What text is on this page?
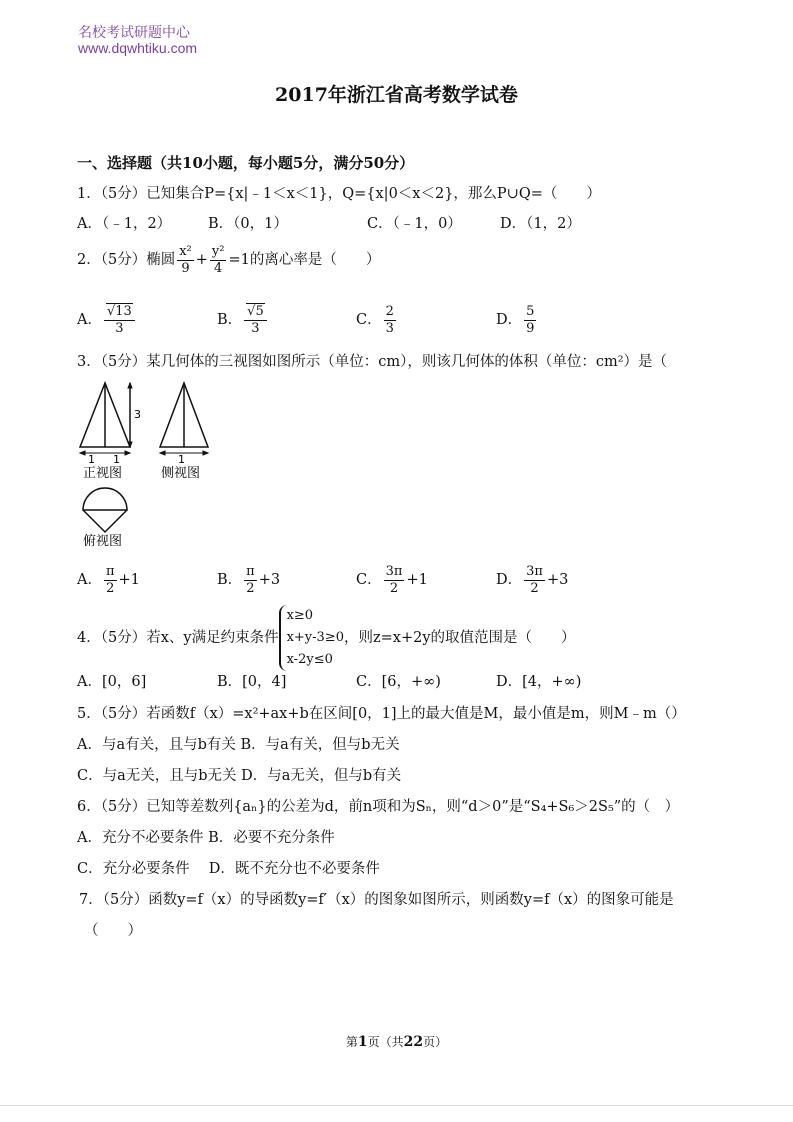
名校考试研题中心
www.dqwhtiku.com
2017年浙江省高考数学试卷
一、选择题（共10小题，每小题5分，满分50分）
1．（5分）已知集合P={x|﹣1＜x＜1}，Q={x|0＜x＜2}，那么P∪Q=（　　）
A．（﹣1，2）	B．（0，1）	C．（﹣1，0）	D．（1，2）
2．（5分）椭圆 $\frac{\text{x²}}{9} + \frac{\text{y²}}{4} =1$的离心率是（　　）
A． $\frac{√13}{3}$	B． $\frac{√5}{3}$	C． $\frac{2}{3}$	D． $\frac{5}{9}$
3．（5分）某几何体的三视图如图所示（单位：cm），则该几何体的体积（单位：cm²）是（
3
1 1	1
正视图	侧视图
俯视图
A． $\frac{\pi}{2} +1$	B． $\frac{\pi}{2} +3$	C． $\frac{3\pi}{2} +1$	D． $\frac{3\pi}{2} +3$
4．（5分）若x、y满足约束条件
x≥0
x+y-3≥0
x-2y≤0
，则z=x+2y的取值范围是（　　）
A．[0，6]	B．[0，4]	C．[6，+∞)	D．[4，+∞)
5．（5分）若函数f（x）=x²+ax+b在区间[0，1]上的最大值是M，最小值是m，则M﹣m（）
A．与a有关，且与b有关 B．与a有关，但与b无关
C．与a无关，且与b无关 D．与a无关，但与b有关
6．（5分）已知等差数列{aₙ}的公差为d，前n项和为Sₙ，则“d＞0”是“S₄+S₆＞2S₅”的（　）
A．充分不必要条件 B．必要不充分条件
C．充分必要条件　 D．既不充分也不必要条件
7．（5分）函数y=f（x）的导函数y=f′（x）的图象如图所示，则函数y=f（x）的图象可能是
（　　）
第1页（共22页）
